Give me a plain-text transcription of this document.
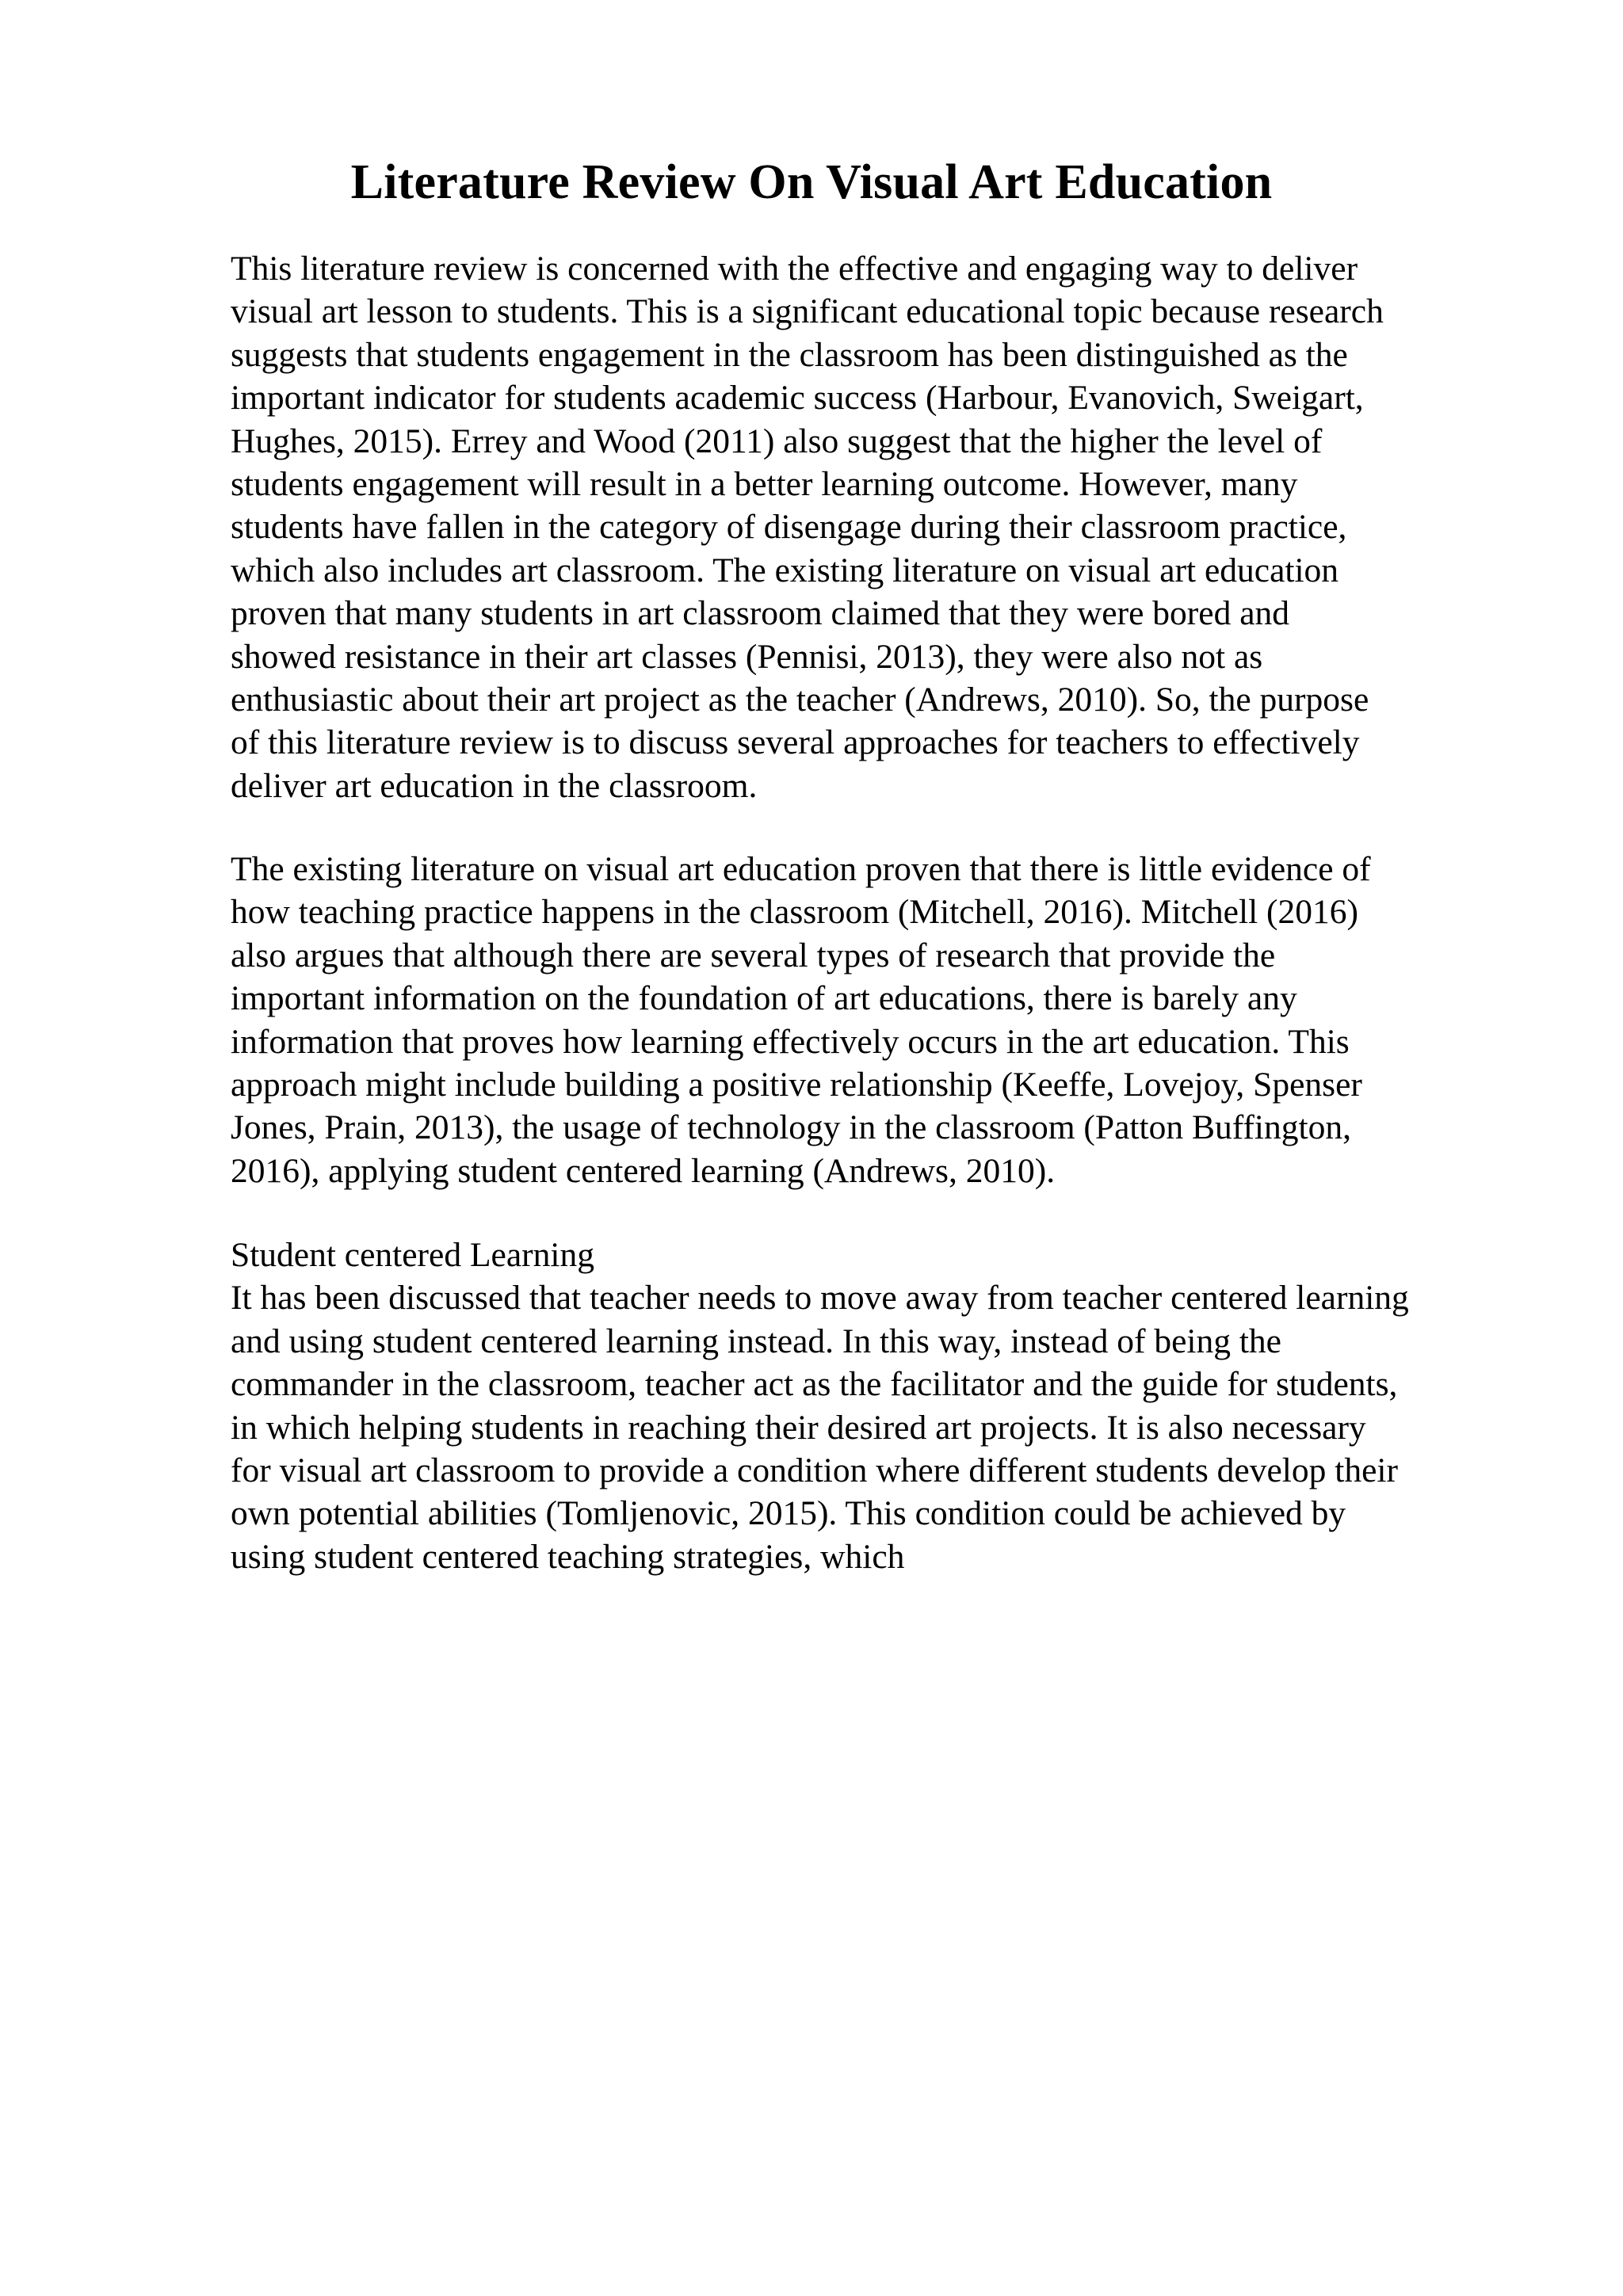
Literature Review On Visual Art Education
This literature review is concerned with the effective and engaging way to deliver
visual art lesson to students. This is a significant educational topic because research
suggests that students engagement in the classroom has been distinguished as the
important indicator for students academic success (Harbour, Evanovich, Sweigart,
Hughes, 2015). Errey and Wood (2011) also suggest that the higher the level of
students engagement will result in a better learning outcome. However, many
students have fallen in the category of disengage during their classroom practice,
which also includes art classroom. The existing literature on visual art education
proven that many students in art classroom claimed that they were bored and
showed resistance in their art classes (Pennisi, 2013), they were also not as
enthusiastic about their art project as the teacher (Andrews, 2010). So, the purpose
of this literature review is to discuss several approaches for teachers to effectively
deliver art education in the classroom.
The existing literature on visual art education proven that there is little evidence of
how teaching practice happens in the classroom (Mitchell, 2016). Mitchell (2016)
also argues that although there are several types of research that provide the
important information on the foundation of art educations, there is barely any
information that proves how learning effectively occurs in the art education. This
approach might include building a positive relationship (Keeffe, Lovejoy, Spenser
Jones, Prain, 2013), the usage of technology in the classroom (Patton Buffington,
2016), applying student centered learning (Andrews, 2010).
Student centered Learning
It has been discussed that teacher needs to move away from teacher centered learning
and using student centered learning instead. In this way, instead of being the
commander in the classroom, teacher act as the facilitator and the guide for students,
in which helping students in reaching their desired art projects. It is also necessary
for visual art classroom to provide a condition where different students develop their
own potential abilities (Tomljenovic, 2015). This condition could be achieved by
using student centered teaching strategies, which
